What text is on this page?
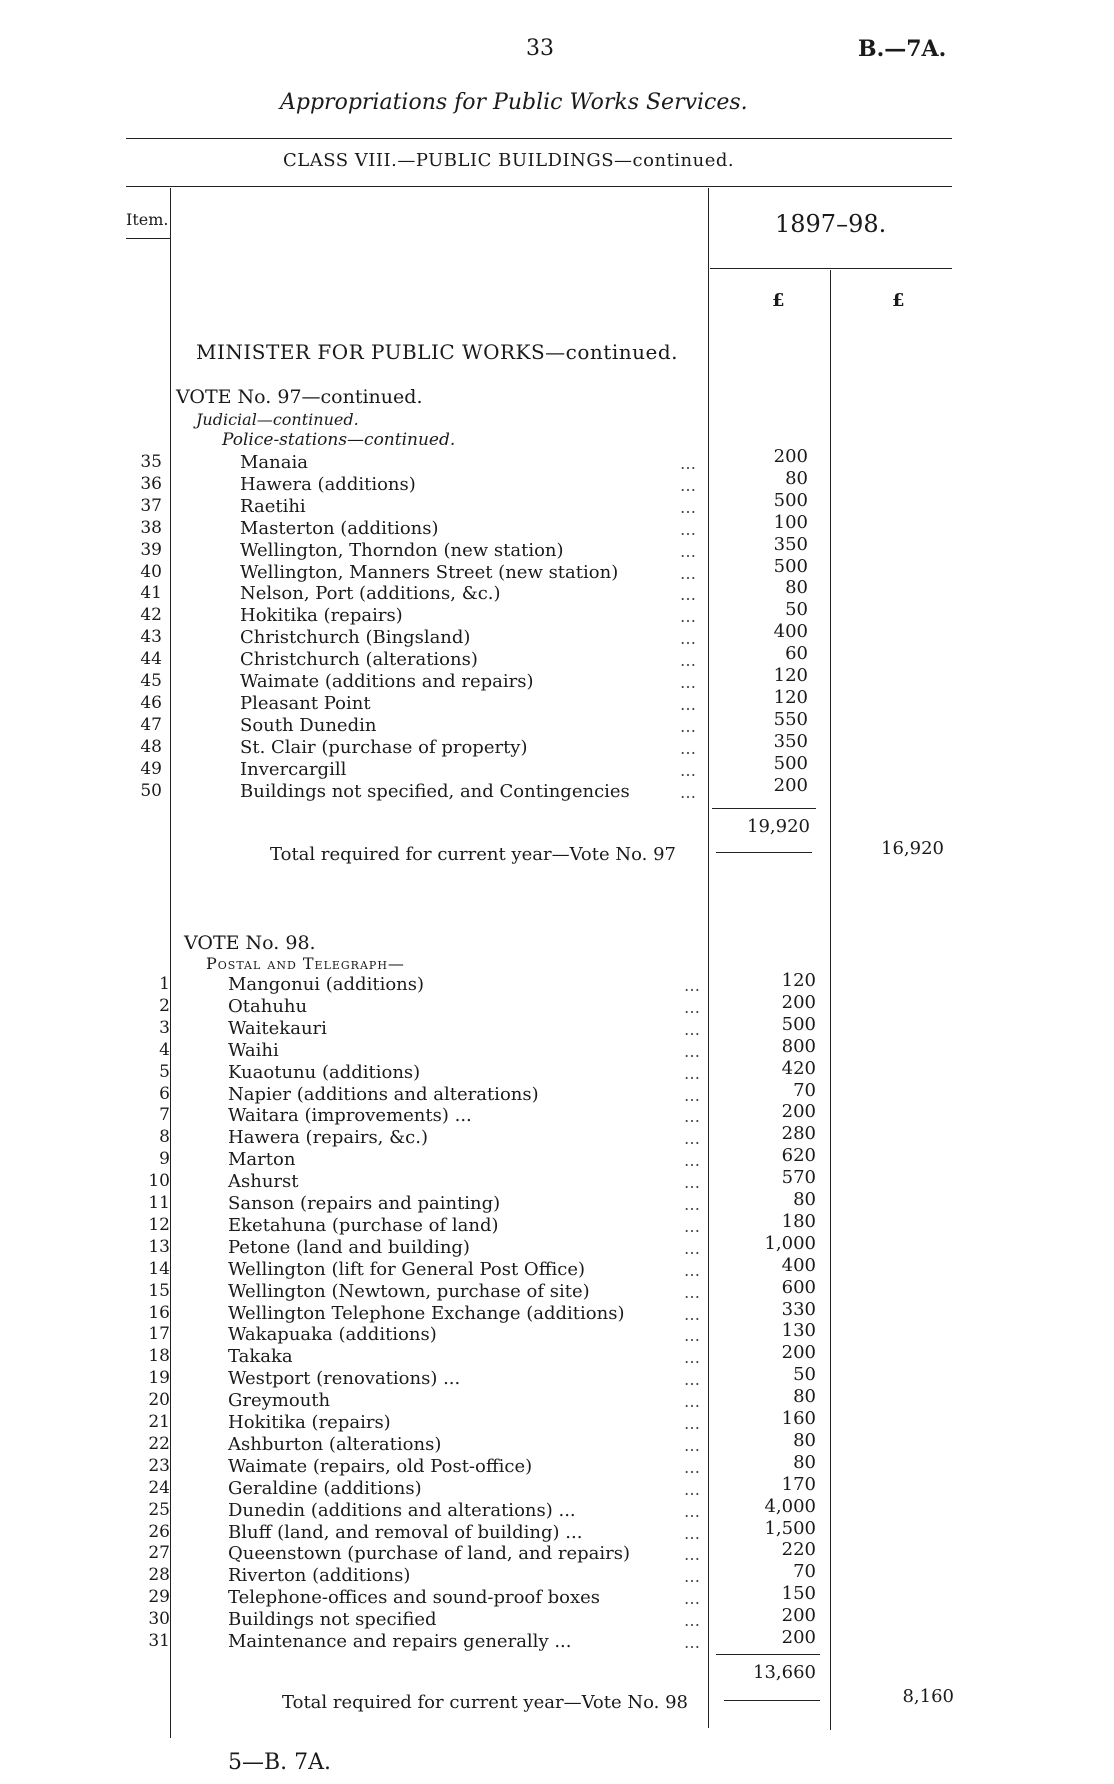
33	B.—7A.
Appropriations for Public Works Services.
CLASS VIII.—PUBLIC BUILDINGS—continued.
Item.	1897–98.
£	£
MINISTER FOR PUBLIC WORKS—continued.
VOTE No. 97—continued.
Judicial—continued.
Police-stations—continued.
35	Manaia	…	200
36	Hawera (additions)	…	80
37	Raetihi	…	500
38	Masterton (additions)	…	100
39	Wellington, Thorndon (new station)	…	350
40	Wellington, Manners Street (new station)	…	500
41	Nelson, Port (additions, &c.)	…	80
42	Hokitika (repairs)	…	50
43	Christchurch (Bingsland)	…	400
44	Christchurch (alterations)	…	60
45	Waimate (additions and repairs)	…	120
46	Pleasant Point	…	120
47	South Dunedin	…	550
48	St. Clair (purchase of property)	…	350
49	Invercargill	…	500
50	Buildings not specified, and Contingencies	…	200
19,920
Total required for current year—Vote No. 97	16,920
VOTE No. 98.
Postal and Telegraph—
1	Mangonui (additions)	…	120
2	Otahuhu	…	200
3	Waitekauri	…	500
4	Waihi	…	800
5	Kuaotunu (additions)	…	420
6	Napier (additions and alterations)	…	70
7	Waitara (improvements) ...	…	200
8	Hawera (repairs, &c.)	…	280
9	Marton	…	620
10	Ashurst	…	570
11	Sanson (repairs and painting)	…	80
12	Eketahuna (purchase of land)	…	180
13	Petone (land and building)	…	1,000
14	Wellington (lift for General Post Office)	…	400
15	Wellington (Newtown, purchase of site)	…	600
16	Wellington Telephone Exchange (additions)	…	330
17	Wakapuaka (additions)	…	130
18	Takaka	…	200
19	Westport (renovations) ...	…	50
20	Greymouth	…	80
21	Hokitika (repairs)	…	160
22	Ashburton (alterations)	…	80
23	Waimate (repairs, old Post-office)	…	80
24	Geraldine (additions)	…	170
25	Dunedin (additions and alterations) ...	…	4,000
26	Bluff (land, and removal of building) ...	…	1,500
27	Queenstown (purchase of land, and repairs)	…	220
28	Riverton (additions)	…	70
29	Telephone-offices and sound-proof boxes	…	150
30	Buildings not specified	…	200
31	Maintenance and repairs generally ...	…	200
13,660
Total required for current year—Vote No. 98	8,160
5—B. 7A.
